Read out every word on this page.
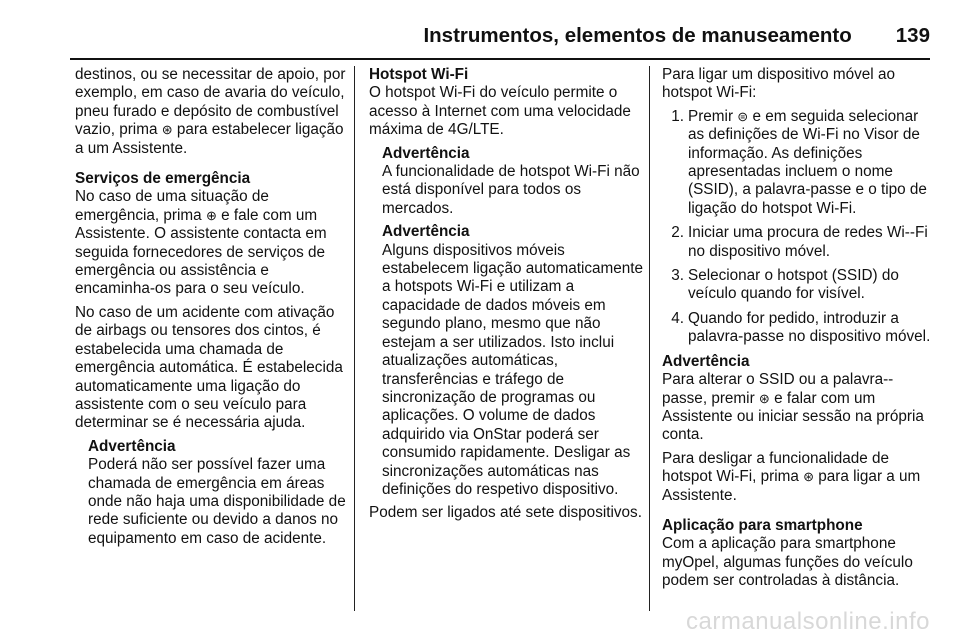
Instrumentos, elementos de manuseamento 139

destinos, ou se necessitar de apoio, por exemplo, em caso de avaria do veículo, pneu furado e depósito de combustível vazio, prima ⊛ para estabelecer ligação a um Assistente.

Serviços de emergência

No caso de uma situação de emergência, prima ⊕ e fale com um Assistente. O assistente contacta em seguida fornecedores de serviços de emergência ou assistência e encaminha-os para o seu veículo.

No caso de um acidente com ativação de airbags ou tensores dos cintos, é estabelecida uma chamada de emergência automática. É estabelecida automaticamente uma ligação do assistente com o seu veículo para determinar se é necessária ajuda.

Advertência

Poderá não ser possível fazer uma chamada de emergência em áreas onde não haja uma disponibilidade de rede suficiente ou devido a danos no equipamento em caso de acidente.

Hotspot Wi-Fi

O hotspot Wi-Fi do veículo permite o acesso à Internet com uma velocidade máxima de 4G/LTE.

Advertência

A funcionalidade de hotspot Wi-Fi não está disponível para todos os mercados.

Advertência

Alguns dispositivos móveis estabelecem ligação automaticamente a hotspots Wi-Fi e utilizam a capacidade de dados móveis em segundo plano, mesmo que não estejam a ser utilizados. Isto inclui atualizações automáticas, transferências e tráfego de sincronização de programas ou aplicações. O volume de dados adquirido via OnStar poderá ser consumido rapidamente. Desligar as sincronizações automáticas nas definições do respetivo dispositivo.

Podem ser ligados até sete dispositivos.

Para ligar um dispositivo móvel ao hotspot Wi-Fi:

1. Premir ⊜ e em seguida selecionar as definições de Wi-Fi no Visor de informação. As definições apresentadas incluem o nome (SSID), a palavra-passe e o tipo de ligação do hotspot Wi-Fi.
2. Iniciar uma procura de redes Wi--Fi no dispositivo móvel.
3. Selecionar o hotspot (SSID) do veículo quando for visível.
4. Quando for pedido, introduzir a palavra-passe no dispositivo móvel.

Advertência

Para alterar o SSID ou a palavra--passe, premir ⊛ e falar com um Assistente ou iniciar sessão na própria conta.

Para desligar a funcionalidade de hotspot Wi-Fi, prima ⊛ para ligar a um Assistente.

Aplicação para smartphone

Com a aplicação para smartphone myOpel, algumas funções do veículo podem ser controladas à distância.

carmanualsonline.info
